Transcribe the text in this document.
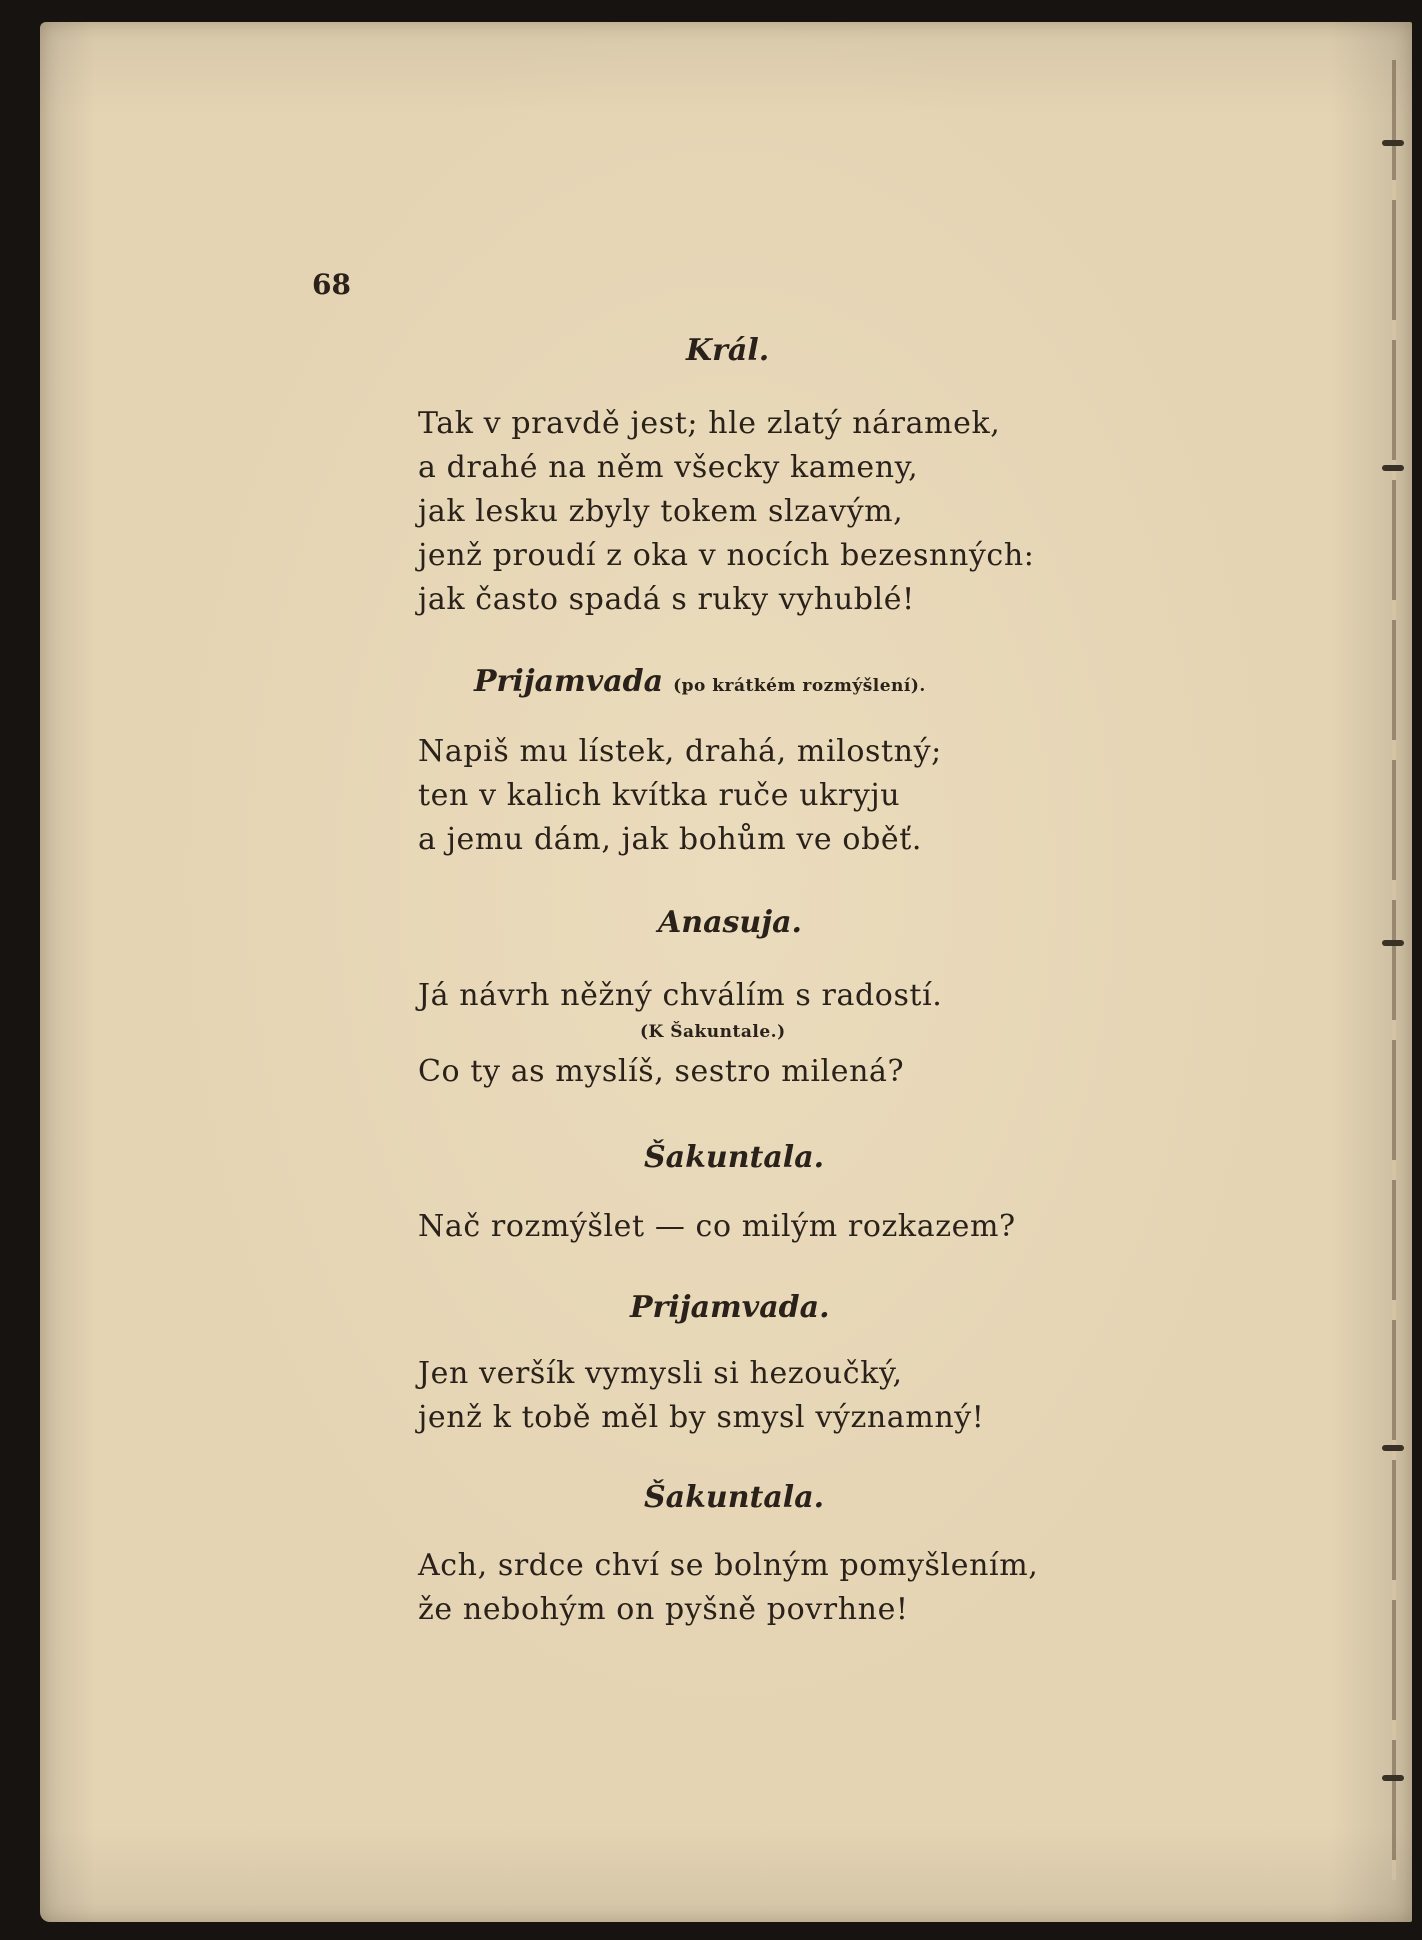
68
Král.
Tak v pravdě jest; hle zlatý náramek,
a drahé na něm všecky kameny,
jak lesku zbyly tokem slzavým,
jenž proudí z oka v nocích bezesnných:
jak často spadá s ruky vyhublé!
Prijamvada (po krátkém rozmýšlení).
Napiš mu lístek, drahá, milostný;
ten v kalich kvítka ruče ukryju
a jemu dám, jak bohům ve oběť.
Anasuja.
Já návrh něžný chválím s radostí.
(K Šakuntale.)
Co ty as myslíš, sestro milená?
Šakuntala.
Nač rozmýšlet — co milým rozkazem?
Prijamvada.
Jen veršík vymysli si hezoučký,
jenž k tobě měl by smysl významný!
Šakuntala.
Ach, srdce chví se bolným pomyšlením,
že nebohým on pyšně povrhne!
